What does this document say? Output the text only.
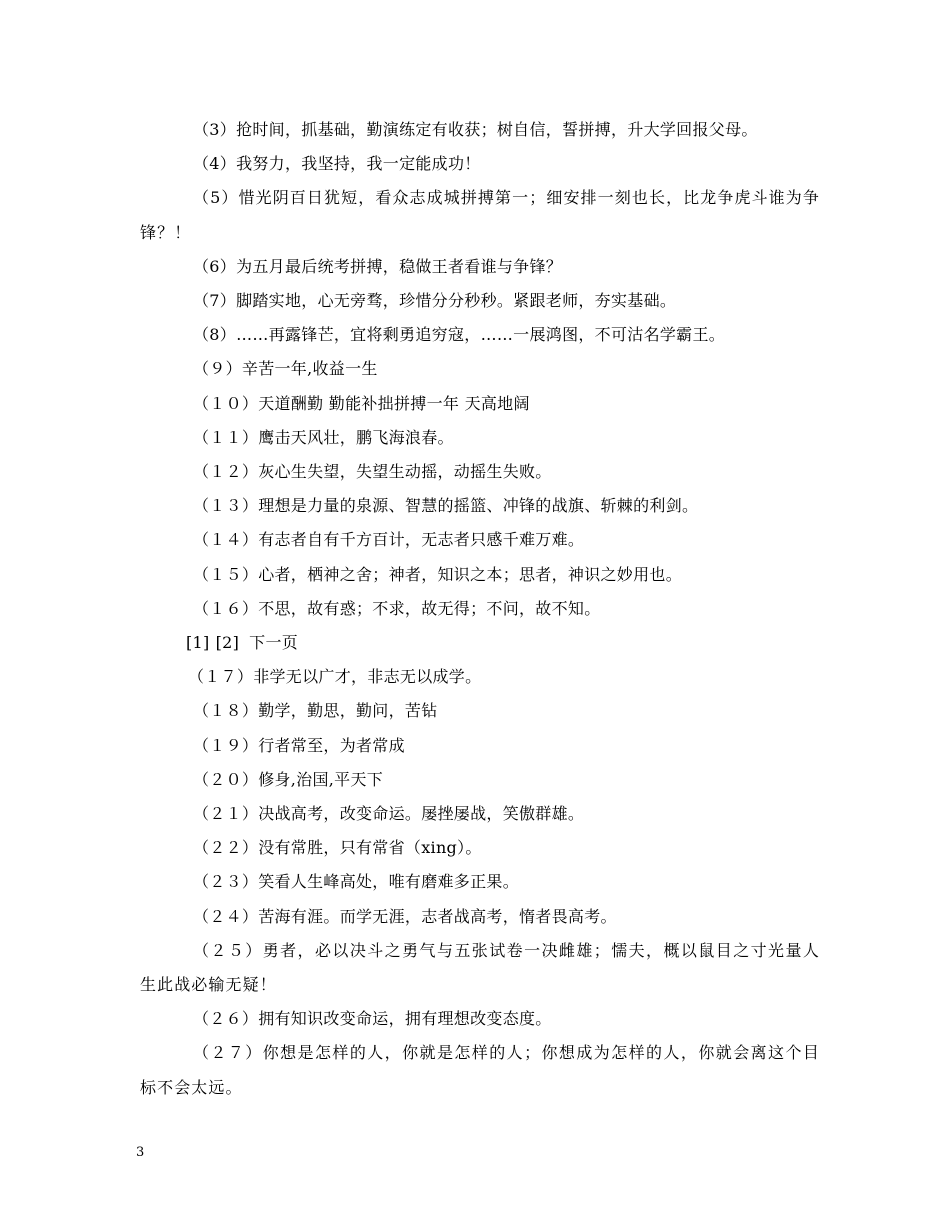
（3）抢时间，抓基础，勤演练定有收获；树自信，誓拼搏，升大学回报父母。
（4）我努力，我坚持，我一定能成功！
（5）惜光阴百日犹短，看众志成城拼搏第一；细安排一刻也长，比龙争虎斗谁为争锋？！
（6）为五月最后统考拼搏，稳做王者看谁与争锋？
（7）脚踏实地，心无旁骛，珍惜分分秒秒。紧跟老师，夯实基础。
（8）……再露锋芒，宜将剩勇追穷寇，……一展鸿图，不可沽名学霸王。
（９）辛苦一年,收益一生
（１０）天道酬勤 勤能补拙拼搏一年 天高地阔
（１１）鹰击天风壮，鹏飞海浪春。
（１２）灰心生失望，失望生动摇，动摇生失败。
（１３）理想是力量的泉源、智慧的摇篮、冲锋的战旗、斩棘的利剑。
（１４）有志者自有千方百计，无志者只感千难万难。
（１５）心者，栖神之舍；神者，知识之本；思者，神识之妙用也。
（１６）不思，故有惑；不求，故无得；不问，故不知。
[1] [2] 下一页
（１７）非学无以广才，非志无以成学。
（１８）勤学，勤思，勤问，苦钻
（１９）行者常至，为者常成
（２０）修身,治国,平天下
（２１）决战高考，改变命运。屡挫屡战，笑傲群雄。
（２２）没有常胜，只有常省（xing）。
（２３）笑看人生峰高处，唯有磨难多正果。
（２４）苦海有涯。而学无涯，志者战高考，惰者畏高考。
（２５）勇者，必以决斗之勇气与五张试卷一决雌雄；懦夫，概以鼠目之寸光量人生此战必输无疑！
（２６）拥有知识改变命运，拥有理想改变态度。
（２７）你想是怎样的人，你就是怎样的人；你想成为怎样的人，你就会离这个目标不会太远。
3
